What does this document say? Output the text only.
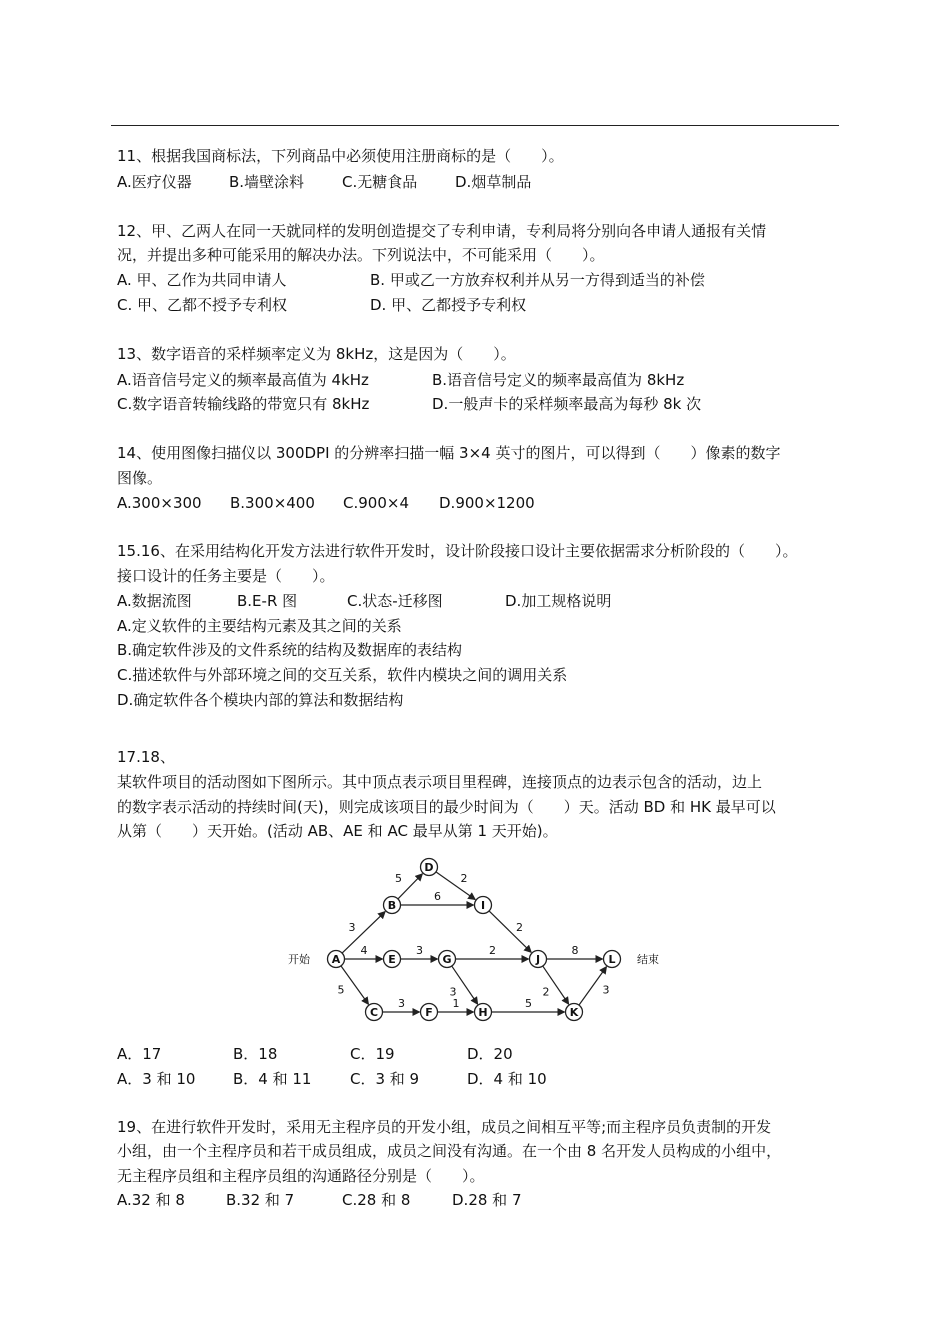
11、根据我国商标法，下列商品中必须使用注册商标的是（　　）。
A.医疗仪器 B.墙壁涂料	C.无糖食品	D.烟草制品
12、甲、乙两人在同一天就同样的发明创造提交了专利申请，专利局将分别向各申请人通报有关情
况，并提出多种可能采用的解决办法。下列说法中，不可能采用（　　）。
A. 甲、乙作为共同申请人	B. 甲或乙一方放弃权利并从另一方得到适当的补偿
C. 甲、乙都不授予专利权	D. 甲、乙都授予专利权
13、数字语音的采样频率定义为 8kHz，这是因为（　　）。
A.语音信号定义的频率最高值为 4kHz	B.语音信号定义的频率最高值为 8kHz
C.数字语音转输线路的带宽只有 8kHz	D.一般声卡的采样频率最高为每秒 8k 次
14、使用图像扫描仪以 300DPI 的分辨率扫描一幅 3×4 英寸的图片，可以得到（　　）像素的数字
图像。
A.300×300 B.300×400 C.900×4 D.900×1200
15.16、在采用结构化开发方法进行软件开发时，设计阶段接口设计主要依据需求分析阶段的（　　）。
接口设计的任务主要是（　　）。
A.数据流图	B.E-R 图	C.状态-迁移图	D.加工规格说明
A.定义软件的主要结构元素及其之间的关系
B.确定软件涉及的文件系统的结构及数据库的表结构
C.描述软件与外部环境之间的交互关系，软件内模块之间的调用关系
D.确定软件各个模块内部的算法和数据结构
17.18、
某软件项目的活动图如下图所示。其中顶点表示项目里程碑，连接顶点的边表示包含的活动，边上
的数字表示活动的持续时间(天)，则完成该项目的最少时间为（　　）天。活动 BD 和 HK 最早可以
从第（　　）天开始。(活动 AB、AE 和 AC 最早从第 1 天开始)。
3
4
5
5
6
2
3
3	1
2
3
2
5
8
2	3
A
B
C
D
E
F
G
H
I
J
K
L
开始	结束
A．17	B．18	C．19	D．20
A．3 和 10	B．4 和 11	C．3 和 9	D．4 和 10
19、在进行软件开发时，采用无主程序员的开发小组，成员之间相互平等;而主程序员负责制的开发
小组，由一个主程序员和若干成员组成，成员之间没有沟通。在一个由 8 名开发人员构成的小组中，
无主程序员组和主程序员组的沟通路径分别是（　　）。
A.32 和 8	B.32 和 7	C.28 和 8	D.28 和 7
